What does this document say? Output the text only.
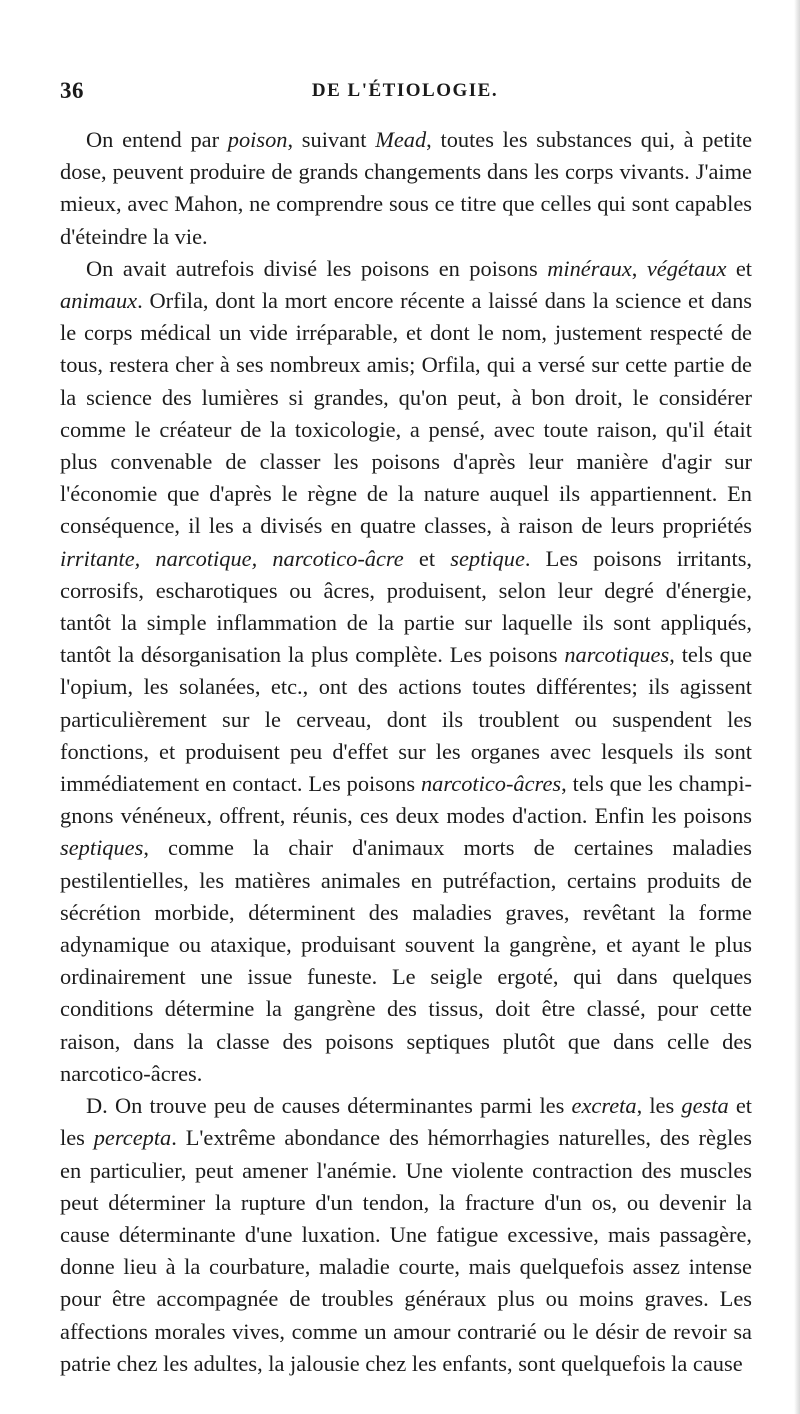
36	DE L'ÉTIOLOGIE.

On entend par poison, suivant Mead, toutes les substances qui, à petite dose, peuvent produire de grands changements dans les corps vivants. J'aime mieux, avec Mahon, ne comprendre sous ce titre que celles qui sont capables d'éteindre la vie.

On avait autrefois divisé les poisons en poisons minéraux, végétaux et animaux. Orfila, dont la mort encore récente a laissé dans la science et dans le corps médical un vide irréparable, et dont le nom, justement respecté de tous, restera cher à ses nombreux amis; Orfila, qui a versé sur cette partie de la science des lumières si grandes, qu'on peut, à bon droit, le considérer comme le créateur de la toxicologie, a pensé, avec toute raison, qu'il était plus convenable de classer les poisons d'après leur manière d'agir sur l'économie que d'après le règne de la nature auquel ils appartiennent. En conséquence, il les a divisés en quatre classes, à raison de leurs propriétés irritante, narcotique, narcotico-âcre et septique. Les poisons irritants, corrosifs, escharotiques ou âcres, produisent, selon leur degré d'énergie, tantôt la simple inflammation de la partie sur laquelle ils sont appliqués, tantôt la désorganisation la plus complète. Les poisons narcotiques, tels que l'opium, les solanées, etc., ont des actions toutes différentes; ils agissent particulièrement sur le cerveau, dont ils troublent ou suspendent les fonctions, et produisent peu d'effet sur les organes avec lesquels ils sont immédiatement en contact. Les poisons narcotico-âcres, tels que les champignons vénéneux, offrent, réunis, ces deux modes d'action. Enfin les poisons septiques, comme la chair d'animaux morts de certaines maladies pestilentielles, les matières animales en putréfaction, certains produits de sécrétion morbide, déterminent des maladies graves, revêtant la forme adynamique ou ataxique, produisant souvent la gangrène, et ayant le plus ordinairement une issue funeste. Le seigle ergoté, qui dans quelques conditions détermine la gangrène des tissus, doit être classé, pour cette raison, dans la classe des poisons septiques plutôt que dans celle des narcotico-âcres.

D. On trouve peu de causes déterminantes parmi les excreta, les gesta et les percepta. L'extrême abondance des hémorrhagies naturelles, des règles en particulier, peut amener l'anémie. Une violente contraction des muscles peut déterminer la rupture d'un tendon, la fracture d'un os, ou devenir la cause déterminante d'une luxation. Une fatigue excessive, mais passagère, donne lieu à la courbature, maladie courte, mais quelquefois assez intense pour être accompagnée de troubles généraux plus ou moins graves. Les affections morales vives, comme un amour contrarié ou le désir de revoir sa patrie chez les adultes, la jalousie chez les enfants, sont quelquefois la cause
